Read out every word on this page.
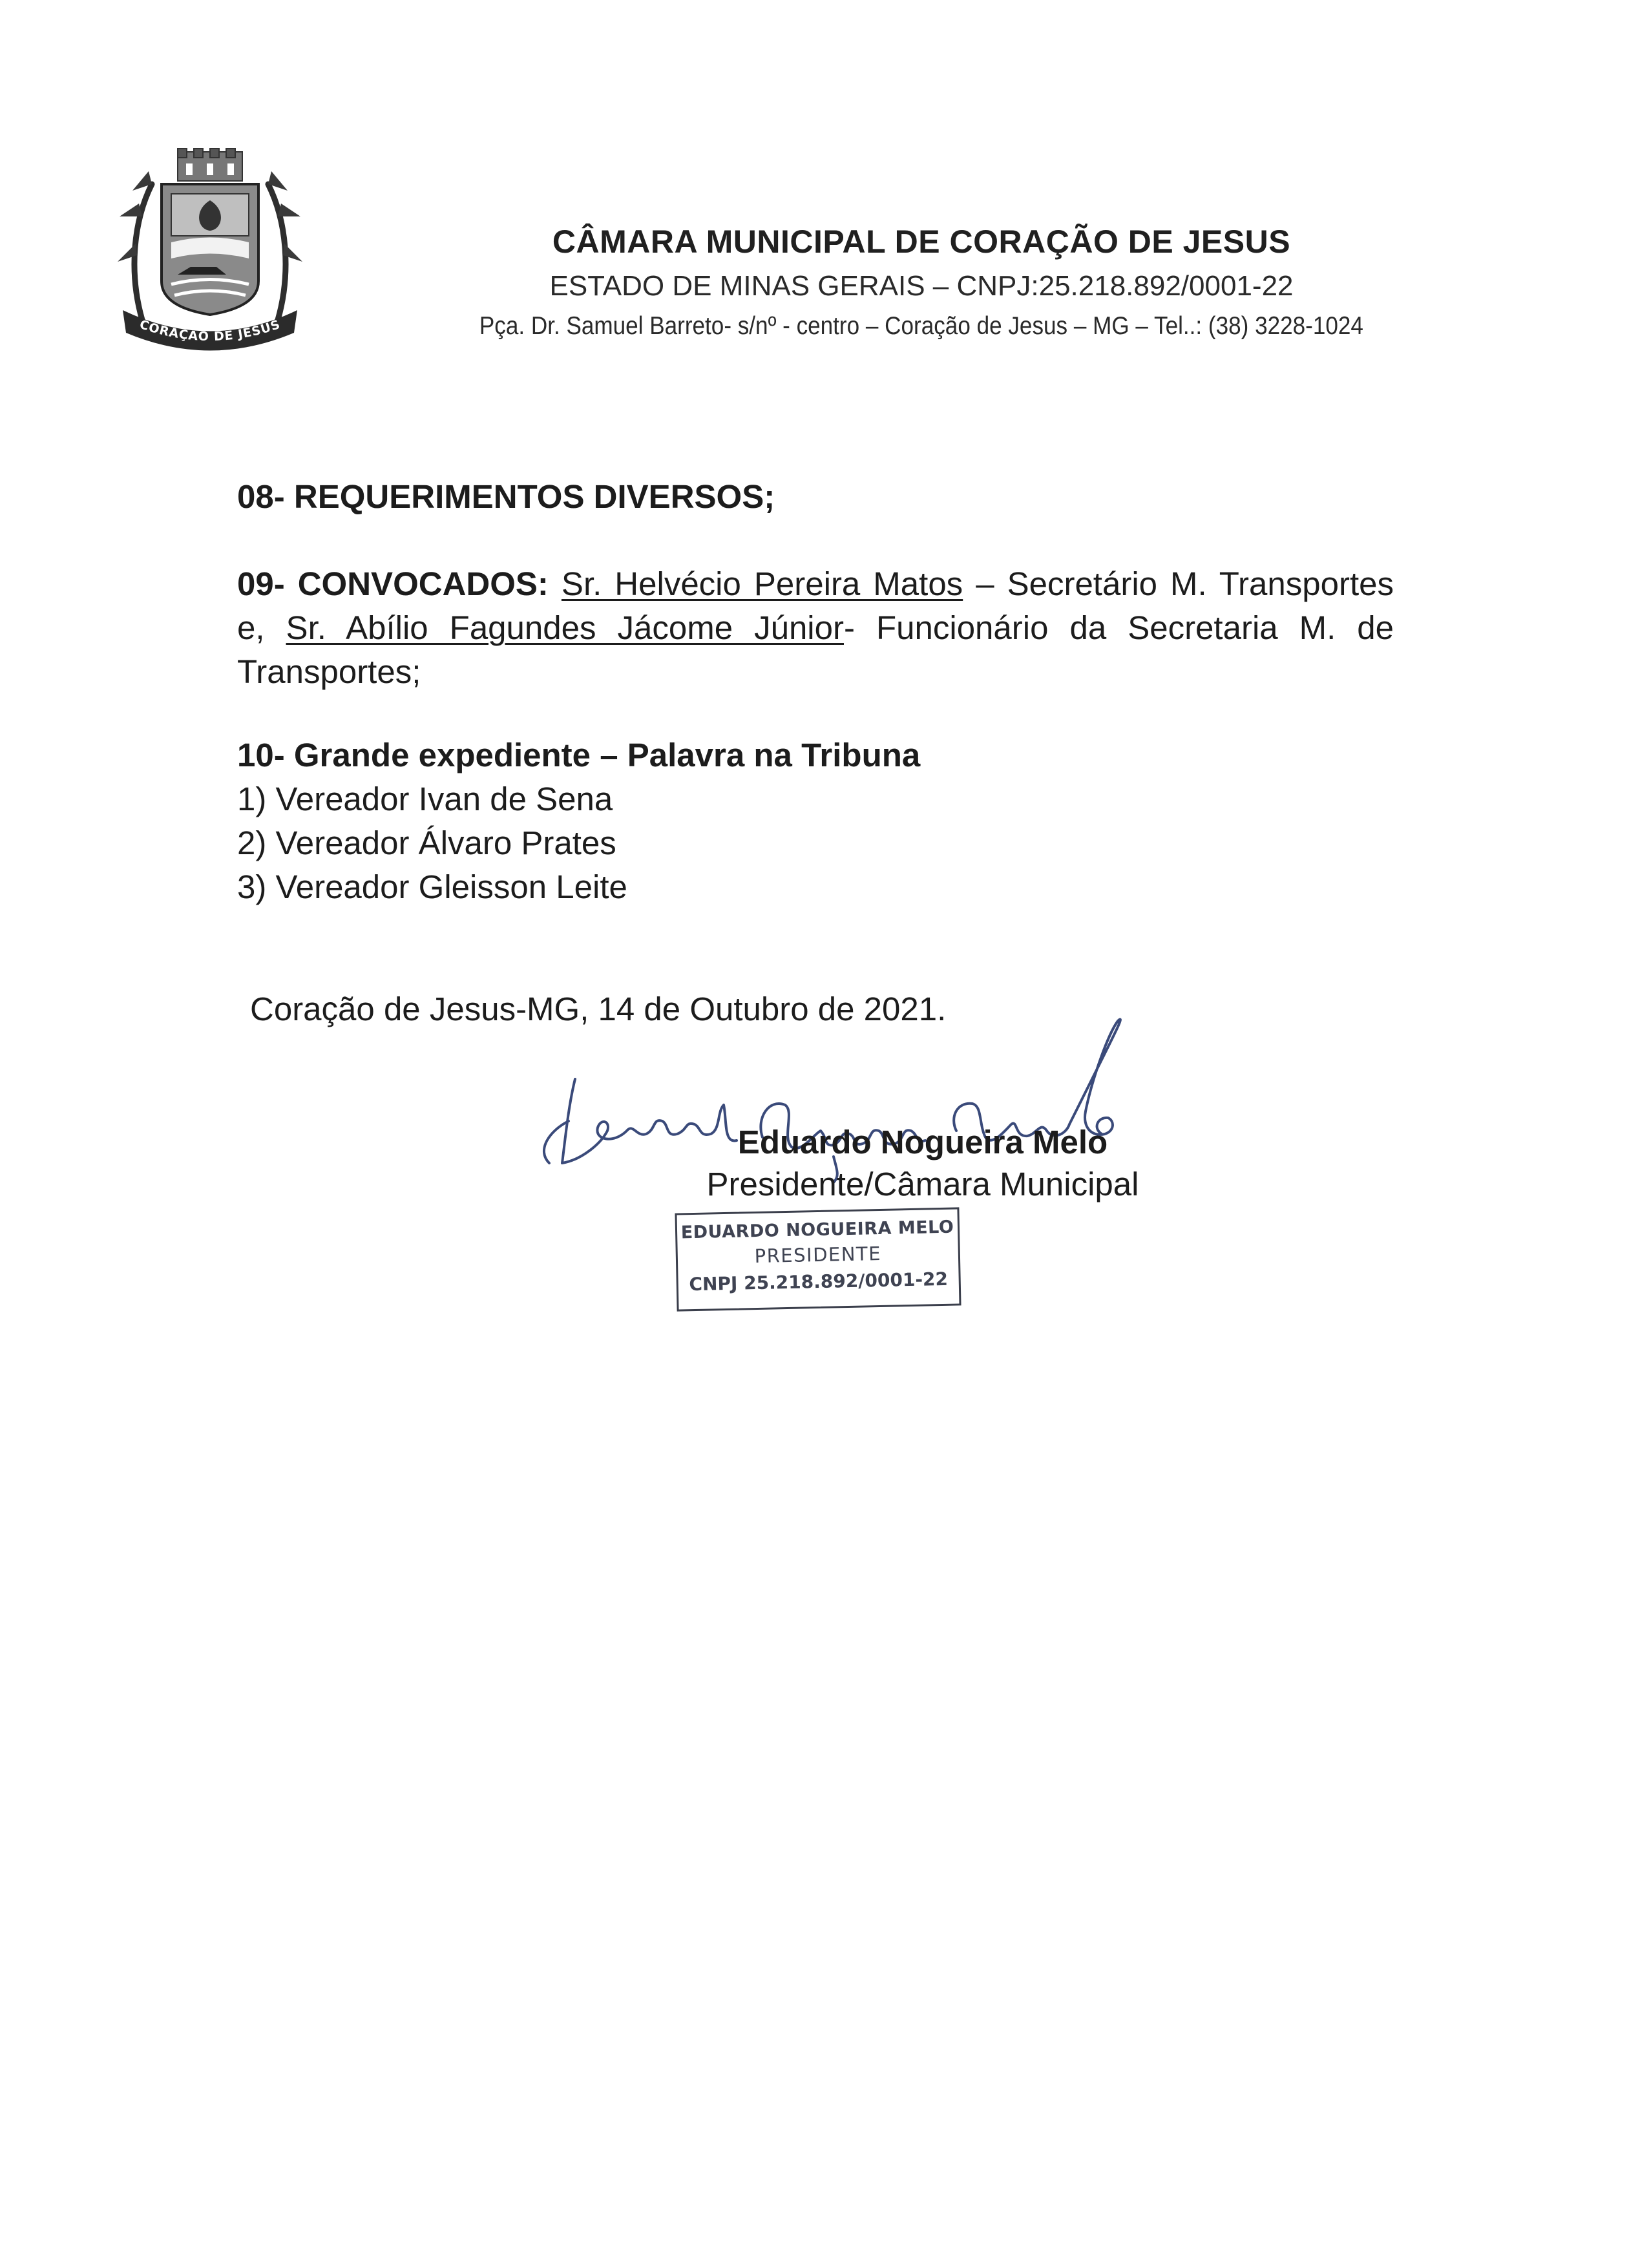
CORAÇÃO DE JESUS
CÂMARA MUNICIPAL DE CORAÇÃO DE JESUS
ESTADO DE MINAS GERAIS – CNPJ:25.218.892/0001-22
Pça. Dr. Samuel Barreto- s/nº - centro – Coração de Jesus – MG – Tel..: (38) 3228-1024
08- REQUERIMENTOS DIVERSOS;
09- CONVOCADOS: Sr. Helvécio Pereira Matos – Secretário M. Transportes e, Sr. Abílio Fagundes Jácome Júnior- Funcionário da Secretaria M. de Transportes;
10- Grande expediente – Palavra na Tribuna
1) Vereador Ivan de Sena
2) Vereador Álvaro Prates
3) Vereador Gleisson Leite
Coração de Jesus-MG, 14 de Outubro de 2021.
Eduardo Nogueira Melo
Presidente/Câmara Municipal
EDUARDO NOGUEIRA MELO
PRESIDENTE
CNPJ 25.218.892/0001-22
